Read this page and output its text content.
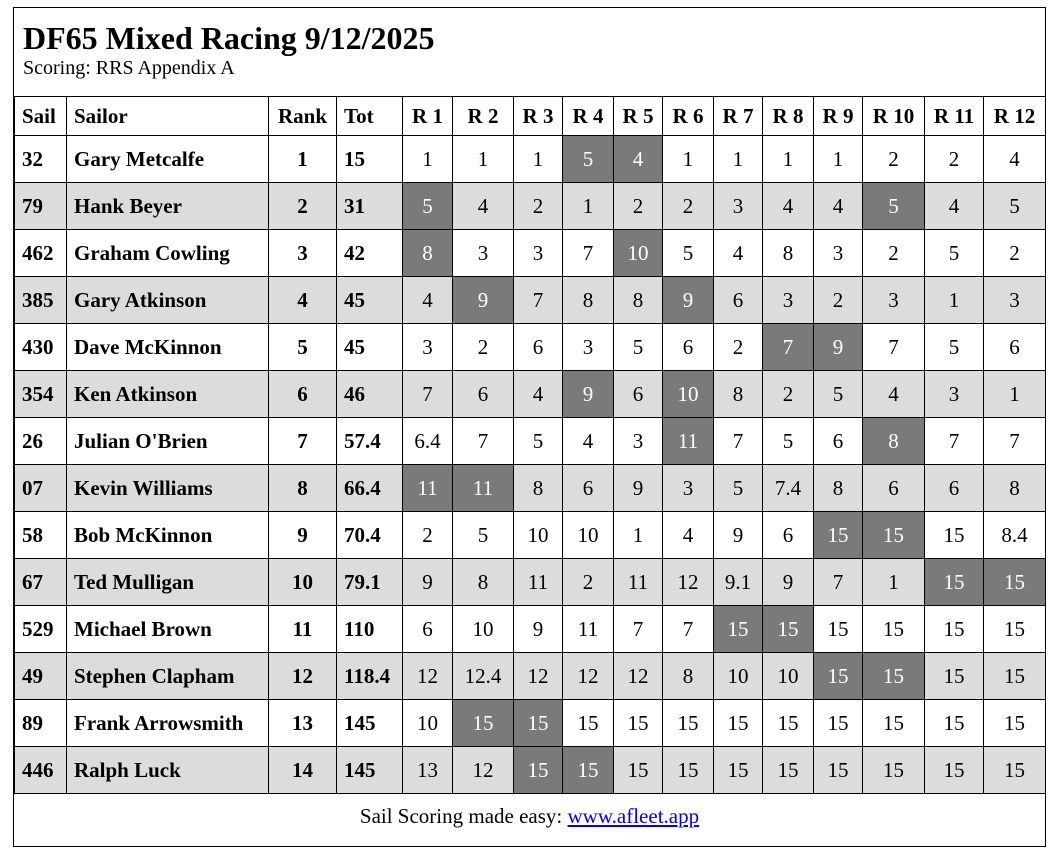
DF65 Mixed Racing 9/12/2025
Scoring: RRS Appendix A
Sail	Sailor	Rank	Tot	R 1	R 2	R 3	R 4	R 5	R 6	R 7	R 8	R 9	R 10	R 11	R 12
32	Gary Metcalfe	1	15	1	1	1	5	4	1	1	1	1	2	2	4
79	Hank Beyer	2	31	5	4	2	1	2	2	3	4	4	5	4	5
462	Graham Cowling	3	42	8	3	3	7	10	5	4	8	3	2	5	2
385	Gary Atkinson	4	45	4	9	7	8	8	9	6	3	2	3	1	3
430	Dave McKinnon	5	45	3	2	6	3	5	6	2	7	9	7	5	6
354	Ken Atkinson	6	46	7	6	4	9	6	10	8	2	5	4	3	1
26	Julian O'Brien	7	57.4	6.4	7	5	4	3	11	7	5	6	8	7	7
07	Kevin Williams	8	66.4	11	11	8	6	9	3	5	7.4	8	6	6	8
58	Bob McKinnon	9	70.4	2	5	10	10	1	4	9	6	15	15	15	8.4
67	Ted Mulligan	10	79.1	9	8	11	2	11	12	9.1	9	7	1	15	15
529	Michael Brown	11	110	6	10	9	11	7	7	15	15	15	15	15	15
49	Stephen Clapham	12	118.4	12	12.4	12	12	12	8	10	10	15	15	15	15
89	Frank Arrowsmith	13	145	10	15	15	15	15	15	15	15	15	15	15	15
446	Ralph Luck	14	145	13	12	15	15	15	15	15	15	15	15	15	15
Sail Scoring made easy: www.afleet.app
